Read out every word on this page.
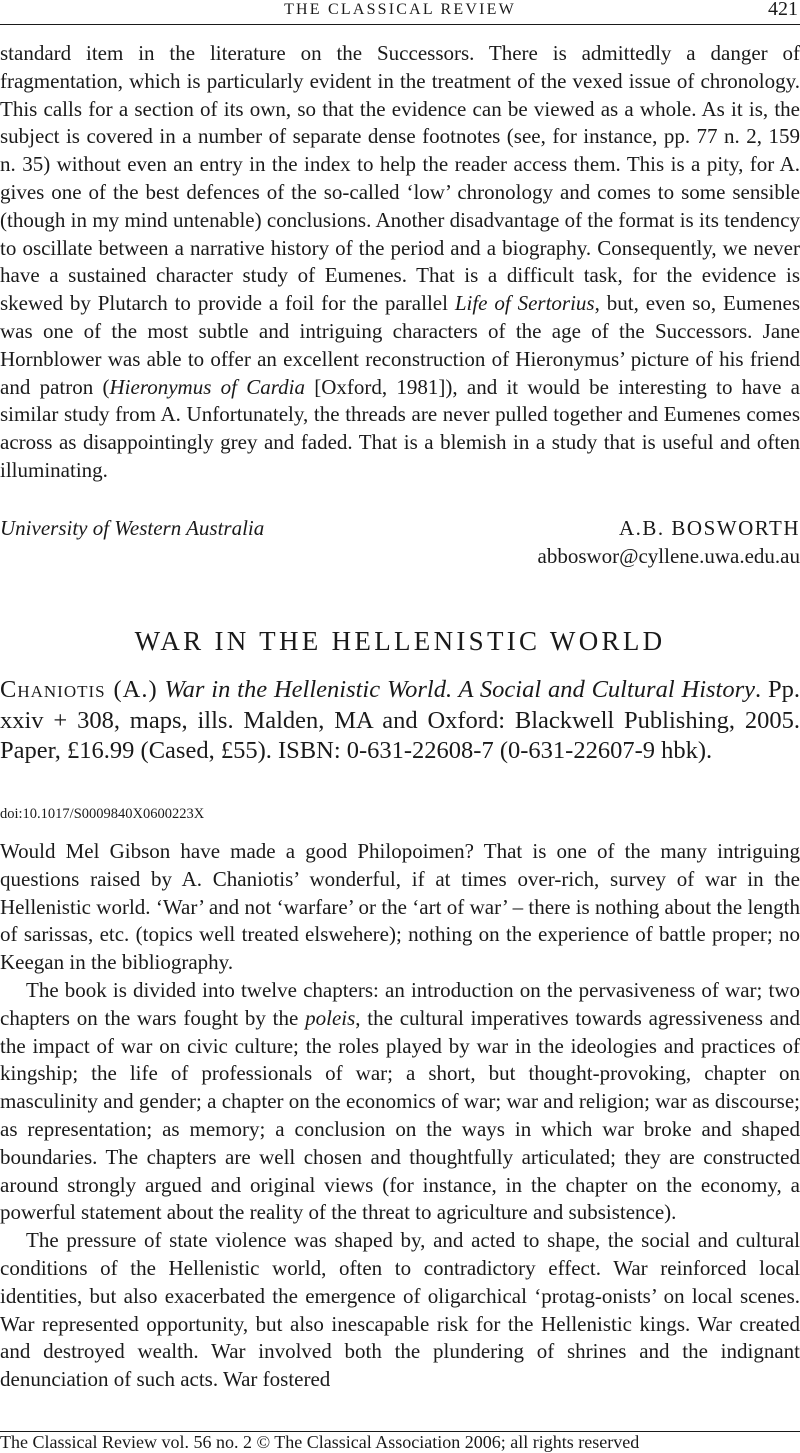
THE CLASSICAL REVIEW	421

standard item in the literature on the Successors. There is admittedly a danger of fragmentation, which is particularly evident in the treatment of the vexed issue of chronology. This calls for a section of its own, so that the evidence can be viewed as a whole. As it is, the subject is covered in a number of separate dense footnotes (see, for instance, pp. 77 n. 2, 159 n. 35) without even an entry in the index to help the reader access them. This is a pity, for A. gives one of the best defences of the so-called ‘low’ chronology and comes to some sensible (though in my mind untenable) conclusions. Another disadvantage of the format is its tendency to oscillate between a narrative history of the period and a biography. Consequently, we never have a sustained character study of Eumenes. That is a difficult task, for the evidence is skewed by Plutarch to provide a foil for the parallel Life of Sertorius, but, even so, Eumenes was one of the most subtle and intriguing characters of the age of the Successors. Jane Hornblower was able to offer an excellent reconstruction of Hieronymus’ picture of his friend and patron (Hieronymus of Cardia [Oxford, 1981]), and it would be interesting to have a similar study from A. Unfortunately, the threads are never pulled together and Eumenes comes across as disappointingly grey and faded. That is a blemish in a study that is useful and often illuminating.

University of Western Australia	A.B. BOSWORTH
abboswor@cyllene.uwa.edu.au
WAR IN THE HELLENISTIC WORLD

Chaniotis (A.) War in the Hellenistic World. A Social and Cultural History. Pp. xxiv + 308, maps, ills. Malden, MA and Oxford: Blackwell Publishing, 2005. Paper, £16.99 (Cased, £55). ISBN: 0-631-22608-7 (0-631-22607-9 hbk).

doi:10.1017/S0009840X0600223X

Would Mel Gibson have made a good Philopoimen? That is one of the many intriguing questions raised by A. Chaniotis’ wonderful, if at times over-rich, survey of war in the Hellenistic world. ‘War’ and not ‘warfare’ or the ‘art of war’ – there is nothing about the length of sarissas, etc. (topics well treated elswehere); nothing on the experience of battle proper; no Keegan in the bibliography.

The book is divided into twelve chapters: an introduction on the pervasiveness of war; two chapters on the wars fought by the poleis, the cultural imperatives towards agressiveness and the impact of war on civic culture; the roles played by war in the ideologies and practices of kingship; the life of professionals of war; a short, but thought-provoking, chapter on masculinity and gender; a chapter on the economics of war; war and religion; war as discourse; as representation; as memory; a conclusion on the ways in which war broke and shaped boundaries. The chapters are well chosen and thoughtfully articulated; they are constructed around strongly argued and original views (for instance, in the chapter on the economy, a powerful statement about the reality of the threat to agriculture and subsistence).

The pressure of state violence was shaped by, and acted to shape, the social and cultural conditions of the Hellenistic world, often to contradictory effect. War reinforced local identities, but also exacerbated the emergence of oligarchical ‘protag-onists’ on local scenes. War represented opportunity, but also inescapable risk for the Hellenistic kings. War created and destroyed wealth. War involved both the plundering of shrines and the indignant denunciation of such acts. War fostered

The Classical Review vol. 56 no. 2 © The Classical Association 2006; all rights reserved
